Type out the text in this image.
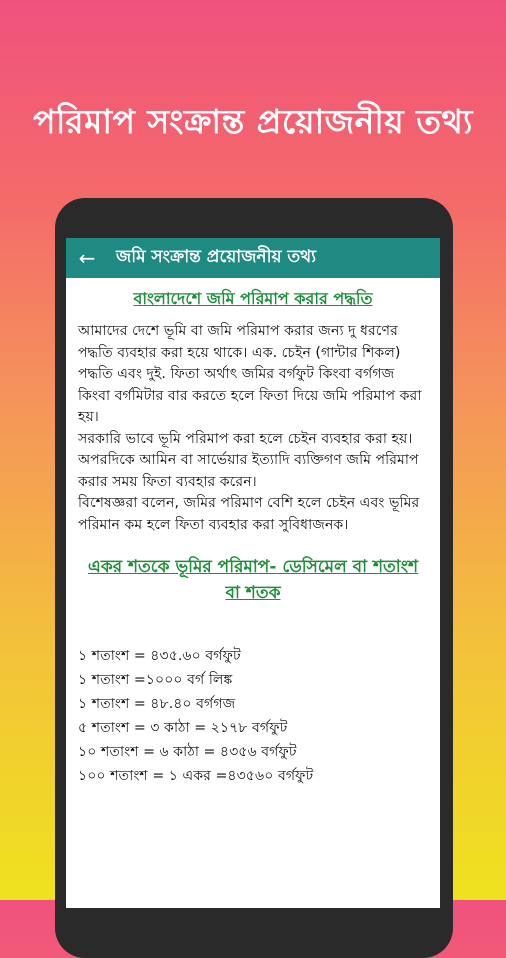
পরিমাপ সংক্রান্ত প্রয়োজনীয় তথ্য
←	জমি সংক্রান্ত প্রয়োজনীয় তথ্য
বাংলাদেশে জমি পরিমাপ করার পদ্ধতি

আমাদের দেশে ভূমি বা জমি পরিমাপ করার জন্য দু ধরণের পদ্ধতি ব্যবহার করা হয়ে থাকে। এক. চেইন (গান্টার শিকল) পদ্ধতি এবং দুই. ফিতা অর্থাৎ জমির বর্গফুট কিংবা বর্গগজ কিংবা বর্গমিটার বার করতে হলে ফিতা দিয়ে জমি পরিমাপ করা হয়।

সরকারি ভাবে ভূমি পরিমাপ করা হলে চেইন ব্যবহার করা হয়। অপরদিকে আমিন বা সার্ভেয়ার ইত্যাদি ব্যক্তিগণ জমি পরিমাপ করার সময় ফিতা ব্যবহার করেন।

বিশেষজ্ঞরা বলেন, জমির পরিমাণ বেশি হলে চেইন এবং ভূমির পরিমান কম হলে ফিতা ব্যবহার করা সুবিধাজনক।

একর শতকে ভূমির পরিমাপ- ডেসিমেল বা শতাংশ বা শতক
১ শতাংশ = ৪৩৫.৬০ বর্গফুট
১ শতাংশ =১০০০ বর্গ লিঙ্ক
১ শতাংশ = ৪৮.৪০ বর্গগজ
৫ শতাংশ = ৩ কাঠা = ২১৭৮ বর্গফুট
১০ শতাংশ = ৬ কাঠা = ৪৩৫৬ বর্গফুট
১০০ শতাংশ = ১ একর =৪৩৫৬০ বর্গফুট
